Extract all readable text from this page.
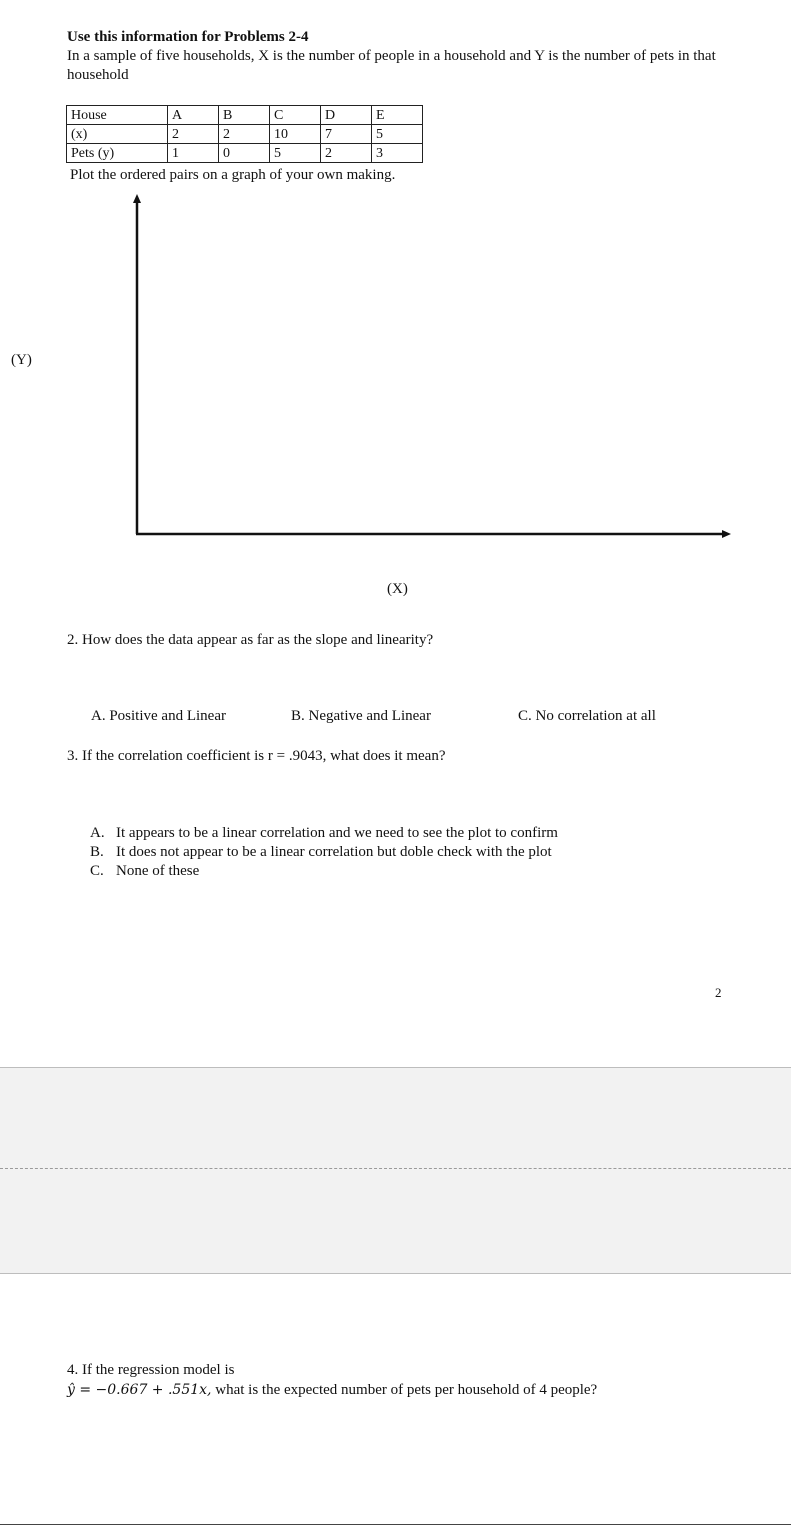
Use this information for Problems 2-4
In a sample of five households, X is the number of people in a household and Y is the number of pets in that household
House	A	B	C	D	E
(x)	2	2	10	7	5
Pets (y)	1	0	5	2	3
Plot the ordered pairs on a graph of your own making.
(Y)
(X)
2. How does the data appear as far as the slope and linearity?
A. Positive and Linear	B. Negative and Linear	C. No correlation at all
3. If the correlation coefficient is r = .9043, what does it mean?
A. It appears to be a linear correlation and we need to see the plot to confirm
B. It does not appear to be a linear correlation but doble check with the plot
C. None of these
2
4. If the regression model is
ŷ = −0.667 + .551x, what is the expected number of pets per household of 4 people?
